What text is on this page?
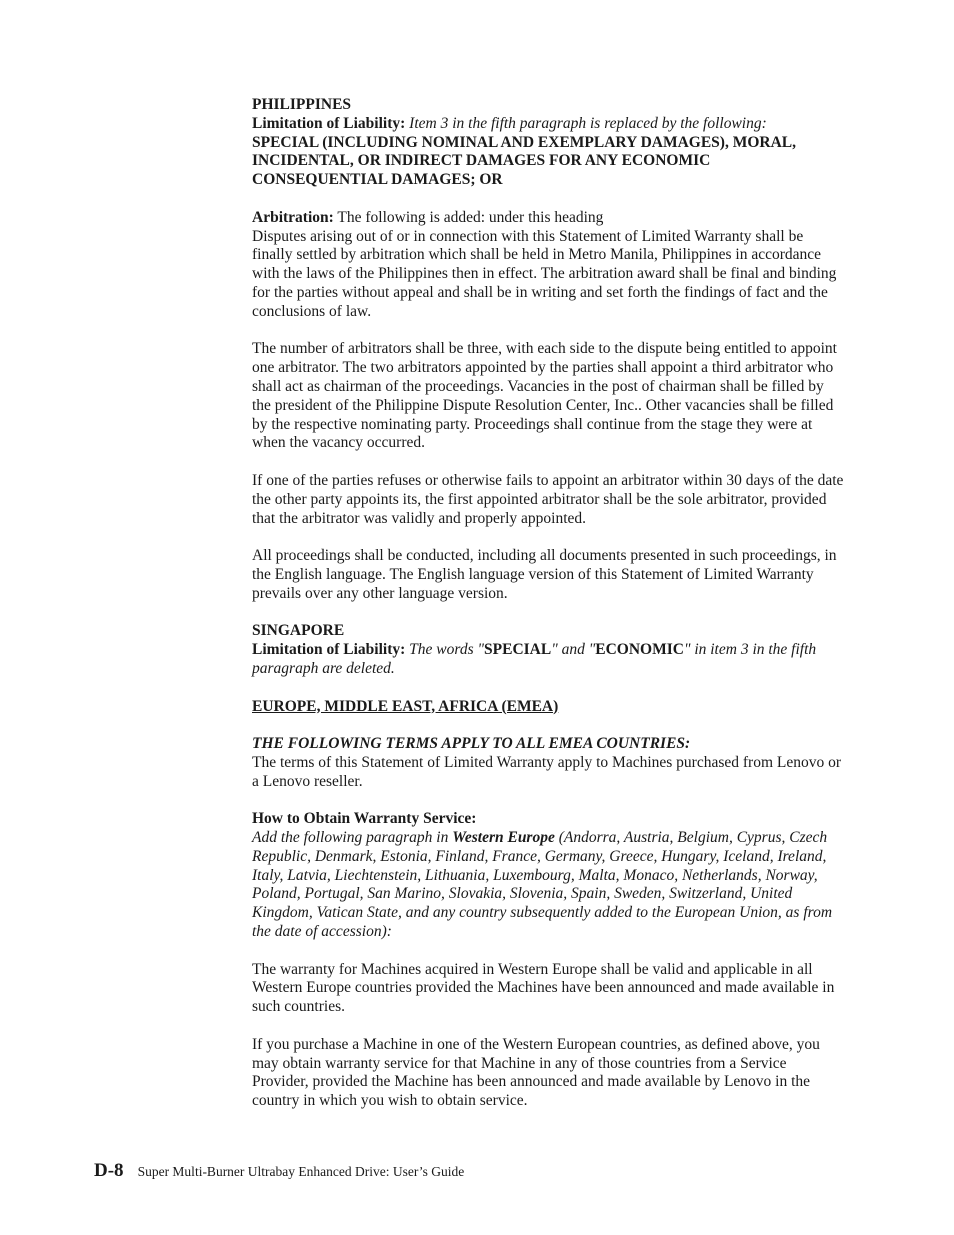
PHILIPPINES

Limitation of Liability: Item 3 in the fifth paragraph is replaced by the following:
SPECIAL (INCLUDING NOMINAL AND EXEMPLARY DAMAGES), MORAL, INCIDENTAL, OR INDIRECT DAMAGES FOR ANY ECONOMIC CONSEQUENTIAL DAMAGES; OR

Arbitration: The following is added: under this heading

Disputes arising out of or in connection with this Statement of Limited Warranty shall be finally settled by arbitration which shall be held in Metro Manila, Philippines in accordance with the laws of the Philippines then in effect. The arbitration award shall be final and binding for the parties without appeal and shall be in writing and set forth the findings of fact and the conclusions of law.

The number of arbitrators shall be three, with each side to the dispute being entitled to appoint one arbitrator. The two arbitrators appointed by the parties shall appoint a third arbitrator who shall act as chairman of the proceedings. Vacancies in the post of chairman shall be filled by the president of the Philippine Dispute Resolution Center, Inc.. Other vacancies shall be filled by the respective nominating party. Proceedings shall continue from the stage they were at when the vacancy occurred.

If one of the parties refuses or otherwise fails to appoint an arbitrator within 30 days of the date the other party appoints its, the first appointed arbitrator shall be the sole arbitrator, provided that the arbitrator was validly and properly appointed.

All proceedings shall be conducted, including all documents presented in such proceedings, in the English language. The English language version of this Statement of Limited Warranty prevails over any other language version.

SINGAPORE

Limitation of Liability: The words "SPECIAL" and "ECONOMIC" in item 3 in the fifth paragraph are deleted.

EUROPE, MIDDLE EAST, AFRICA (EMEA)

THE FOLLOWING TERMS APPLY TO ALL EMEA COUNTRIES:

The terms of this Statement of Limited Warranty apply to Machines purchased from Lenovo or a Lenovo reseller.

How to Obtain Warranty Service:

Add the following paragraph in Western Europe (Andorra, Austria, Belgium, Cyprus, Czech Republic, Denmark, Estonia, Finland, France, Germany, Greece, Hungary, Iceland, Ireland, Italy, Latvia, Liechtenstein, Lithuania, Luxembourg, Malta, Monaco, Netherlands, Norway, Poland, Portugal, San Marino, Slovakia, Slovenia, Spain, Sweden, Switzerland, United Kingdom, Vatican State, and any country subsequently added to the European Union, as from the date of accession):

The warranty for Machines acquired in Western Europe shall be valid and applicable in all Western Europe countries provided the Machines have been announced and made available in such countries.

If you purchase a Machine in one of the Western European countries, as defined above, you may obtain warranty service for that Machine in any of those countries from a Service Provider, provided the Machine has been announced and made available by Lenovo in the country in which you wish to obtain service.

D-8 Super Multi-Burner Ultrabay Enhanced Drive: User’s Guide
